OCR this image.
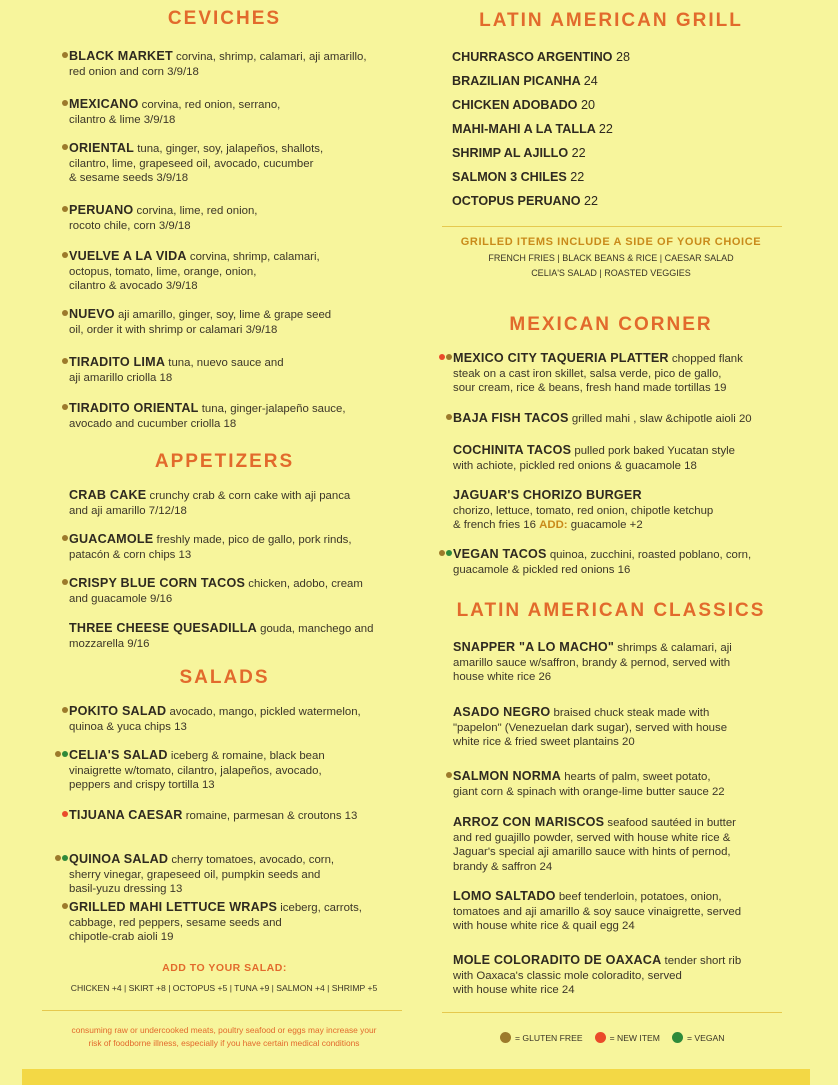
CEVICHES
BLACK MARKET corvina, shrimp, calamari, aji amarillo,
red onion and corn 3/9/18
MEXICANO corvina, red onion, serrano,
cilantro & lime 3/9/18
ORIENTAL tuna, ginger, soy, jalapeños, shallots,
cilantro, lime, grapeseed oil, avocado, cucumber
& sesame seeds 3/9/18
PERUANO corvina, lime, red onion,
rocoto chile, corn 3/9/18
VUELVE A LA VIDA corvina, shrimp, calamari,
octopus, tomato, lime, orange, onion,
cilantro & avocado 3/9/18
NUEVO aji amarillo, ginger, soy, lime & grape seed
oil, order it with shrimp or calamari 3/9/18
TIRADITO LIMA tuna, nuevo sauce and
aji amarillo criolla 18
TIRADITO ORIENTAL tuna, ginger-jalapeño sauce,
avocado and cucumber criolla 18
APPETIZERS
CRAB CAKE crunchy crab & corn cake with aji panca
and aji amarillo 7/12/18
GUACAMOLE freshly made, pico de gallo, pork rinds,
patacón & corn chips 13
CRISPY BLUE CORN TACOS chicken, adobo, cream
and guacamole 9/16
THREE CHEESE QUESADILLA gouda, manchego and
mozzarella 9/16
SALADS
POKITO SALAD avocado, mango, pickled watermelon,
quinoa & yuca chips 13
CELIA'S SALAD iceberg & romaine, black bean
vinaigrette w/tomato, cilantro, jalapeños, avocado,
peppers and crispy tortilla 13
TIJUANA CAESAR romaine, parmesan & croutons 13
QUINOA SALAD cherry tomatoes, avocado, corn,
sherry vinegar, grapeseed oil, pumpkin seeds and
basil-yuzu dressing 13
GRILLED MAHI LETTUCE WRAPS iceberg, carrots,
cabbage, red peppers, sesame seeds and
chipotle-crab aioli 19
ADD TO YOUR SALAD:
CHICKEN +4 | SKIRT +8 | OCTOPUS +5 | TUNA +9 | SALMON +4 | SHRIMP +5
consuming raw or undercooked meats, poultry seafood or eggs may increase your
risk of foodborne illness, especially if you have certain medical conditions
LATIN AMERICAN GRILL
CHURRASCO ARGENTINO 28
BRAZILIAN PICANHA 24
CHICKEN ADOBADO 20
MAHI-MAHI A LA TALLA 22
SHRIMP AL AJILLO 22
SALMON 3 CHILES 22
OCTOPUS PERUANO 22
GRILLED ITEMS INCLUDE A SIDE OF YOUR CHOICE
FRENCH FRIES | BLACK BEANS & RICE | CAESAR SALAD
CELIA'S SALAD | ROASTED VEGGIES
MEXICAN CORNER
MEXICO CITY TAQUERIA PLATTER chopped flank
steak on a cast iron skillet, salsa verde, pico de gallo,
sour cream, rice & beans, fresh hand made tortillas 19
BAJA FISH TACOS grilled mahi , slaw &chipotle aioli 20
COCHINITA TACOS pulled pork baked Yucatan style
with achiote, pickled red onions & guacamole 18
JAGUAR'S CHORIZO BURGER
chorizo, lettuce, tomato, red onion, chipotle ketchup
& french fries 16 ADD: guacamole +2
VEGAN TACOS quinoa, zucchini, roasted poblano, corn,
guacamole & pickled red onions 16
LATIN AMERICAN CLASSICS
SNAPPER "A LO MACHO" shrimps & calamari, aji
amarillo sauce w/saffron, brandy & pernod, served with
house white rice 26
ASADO NEGRO braised chuck steak made with
"papelon" (Venezuelan dark sugar), served with house
white rice & fried sweet plantains 20
SALMON NORMA hearts of palm, sweet potato,
giant corn & spinach with orange-lime butter sauce 22
ARROZ CON MARISCOS seafood sautéed in butter
and red guajillo powder, served with house white rice &
Jaguar's special aji amarillo sauce with hints of pernod,
brandy & saffron 24
LOMO SALTADO beef tenderloin, potatoes, onion,
tomatoes and aji amarillo & soy sauce vinaigrette, served
with house white rice & quail egg 24
MOLE COLORADITO DE OAXACA tender short rib
with Oaxaca's classic mole coloradito, served
with house white rice 24
= GLUTEN FREE	= NEW ITEM	= VEGAN
